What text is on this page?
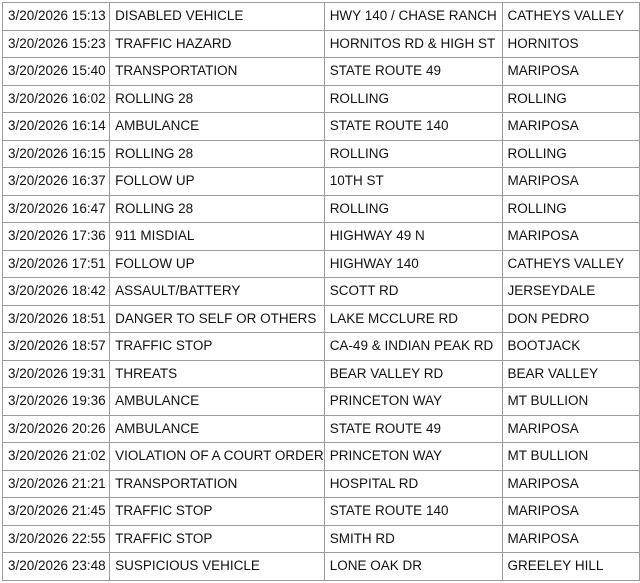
3/20/2026 15:13	DISABLED VEHICLE	HWY 140 / CHASE RANCH	CATHEYS VALLEY
3/20/2026 15:23	TRAFFIC HAZARD	HORNITOS RD & HIGH ST	HORNITOS
3/20/2026 15:40	TRANSPORTATION	STATE ROUTE 49	MARIPOSA
3/20/2026 16:02	ROLLING 28	ROLLING	ROLLING
3/20/2026 16:14	AMBULANCE	STATE ROUTE 140	MARIPOSA
3/20/2026 16:15	ROLLING 28	ROLLING	ROLLING
3/20/2026 16:37	FOLLOW UP	10TH ST	MARIPOSA
3/20/2026 16:47	ROLLING 28	ROLLING	ROLLING
3/20/2026 17:36	911 MISDIAL	HIGHWAY 49 N	MARIPOSA
3/20/2026 17:51	FOLLOW UP	HIGHWAY 140	CATHEYS VALLEY
3/20/2026 18:42	ASSAULT/BATTERY	SCOTT RD	JERSEYDALE
3/20/2026 18:51	DANGER TO SELF OR OTHERS	LAKE MCCLURE RD	DON PEDRO
3/20/2026 18:57	TRAFFIC STOP	CA-49 & INDIAN PEAK RD	BOOTJACK
3/20/2026 19:31	THREATS	BEAR VALLEY RD	BEAR VALLEY
3/20/2026 19:36	AMBULANCE	PRINCETON WAY	MT BULLION
3/20/2026 20:26	AMBULANCE	STATE ROUTE 49	MARIPOSA
3/20/2026 21:02	VIOLATION OF A COURT ORDER	PRINCETON WAY	MT BULLION
3/20/2026 21:21	TRANSPORTATION	HOSPITAL RD	MARIPOSA
3/20/2026 21:45	TRAFFIC STOP	STATE ROUTE 140	MARIPOSA
3/20/2026 22:55	TRAFFIC STOP	SMITH RD	MARIPOSA
3/20/2026 23:48	SUSPICIOUS VEHICLE	LONE OAK DR	GREELEY HILL
